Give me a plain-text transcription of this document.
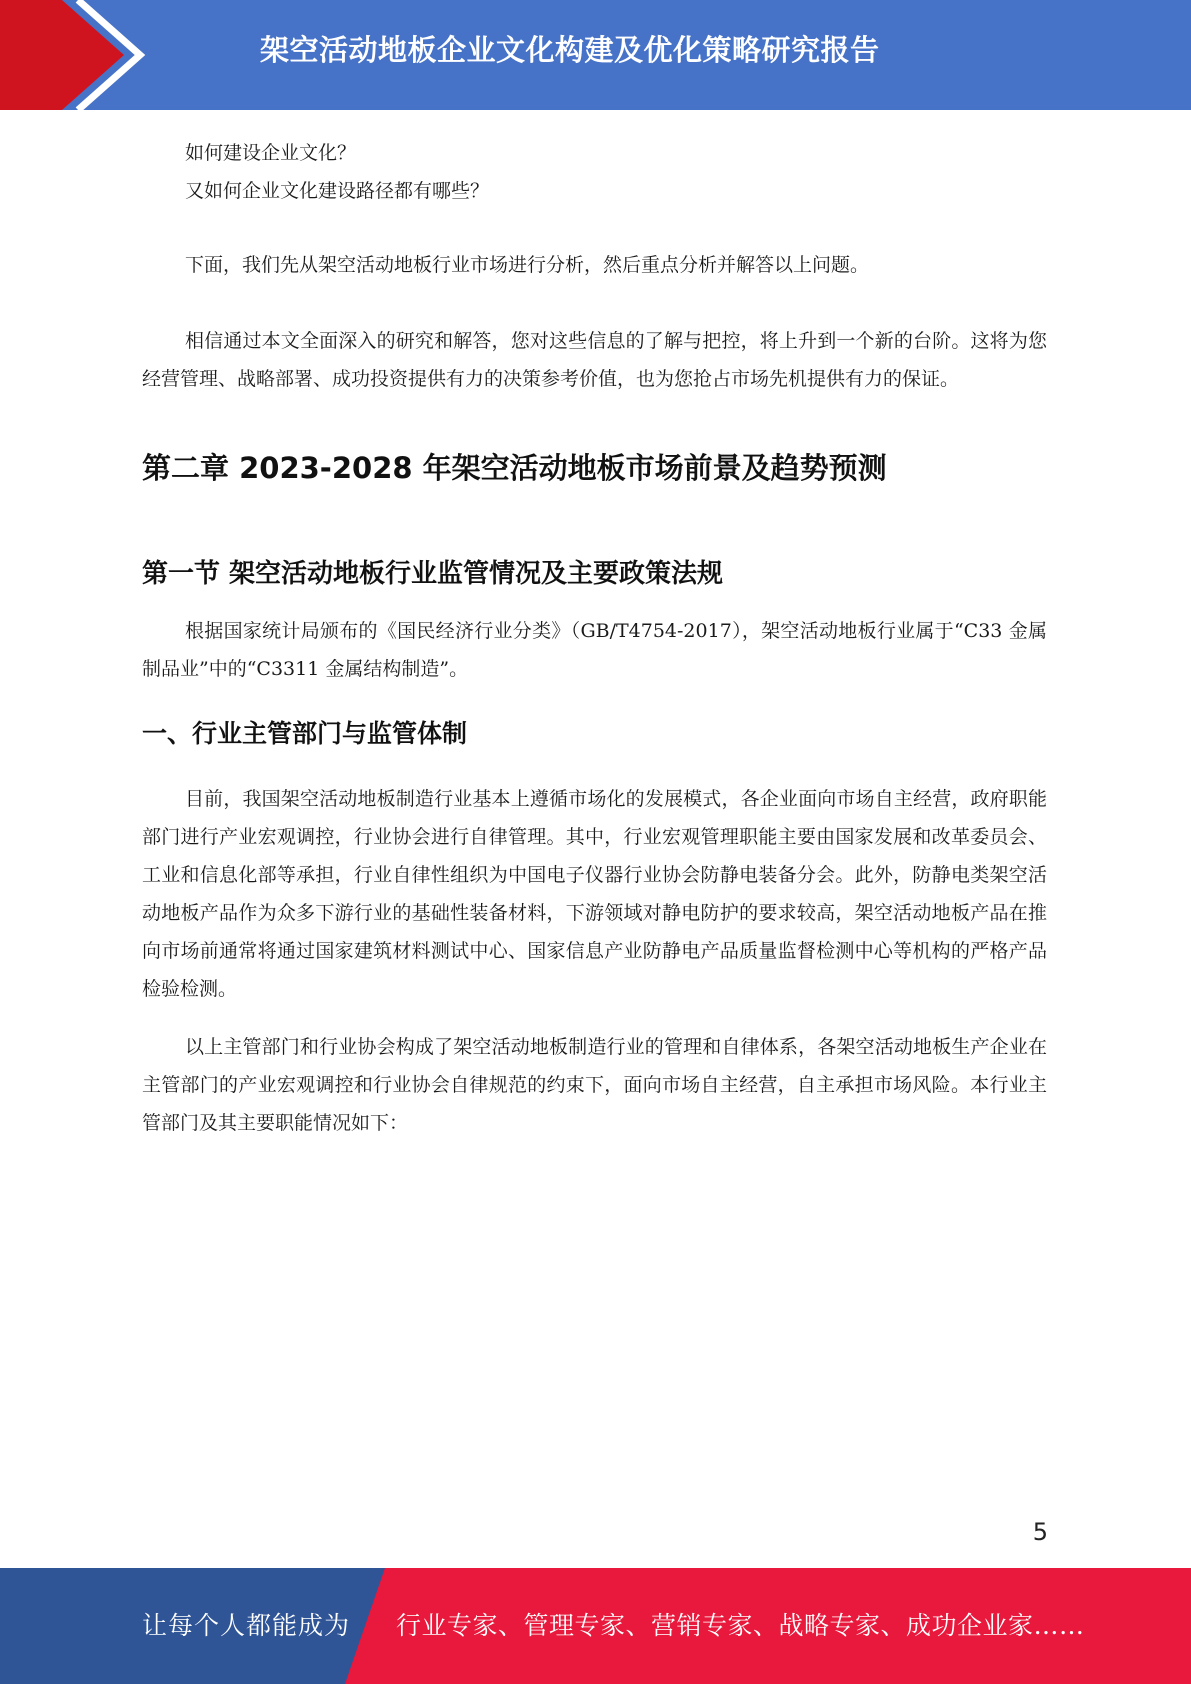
架空活动地板企业文化构建及优化策略研究报告

如何建设企业文化？

又如何企业文化建设路径都有哪些？

下面，我们先从架空活动地板行业市场进行分析，然后重点分析并解答以上问题。

相信通过本文全面深入的研究和解答，您对这些信息的了解与把控，将上升到一个新的台阶。这将为您经营管理、战略部署、成功投资提供有力的决策参考价值，也为您抢占市场先机提供有力的保证。

第二章 2023-2028 年架空活动地板市场前景及趋势预测
第一节 架空活动地板行业监管情况及主要政策法规

根据国家统计局颁布的《国民经济行业分类》（GB/T4754-2017），架空活动地板行业属于“C33 金属制品业”中的“C3311 金属结构制造”。

一、行业主管部门与监管体制

目前，我国架空活动地板制造行业基本上遵循市场化的发展模式，各企业面向市场自主经营，政府职能部门进行产业宏观调控，行业协会进行自律管理。其中，行业宏观管理职能主要由国家发展和改革委员会、工业和信息化部等承担，行业自律性组织为中国电子仪器行业协会防静电装备分会。此外，防静电类架空活动地板产品作为众多下游行业的基础性装备材料，下游领域对静电防护的要求较高，架空活动地板产品在推向市场前通常将通过国家建筑材料测试中心、国家信息产业防静电产品质量监督检测中心等机构的严格产品检验检测。

以上主管部门和行业协会构成了架空活动地板制造行业的管理和自律体系，各架空活动地板生产企业在主管部门的产业宏观调控和行业协会自律规范的约束下，面向市场自主经营，自主承担市场风险。本行业主管部门及其主要职能情况如下：

5
让每个人都能成为 行业专家、管理专家、营销专家、战略专家、成功企业家……
